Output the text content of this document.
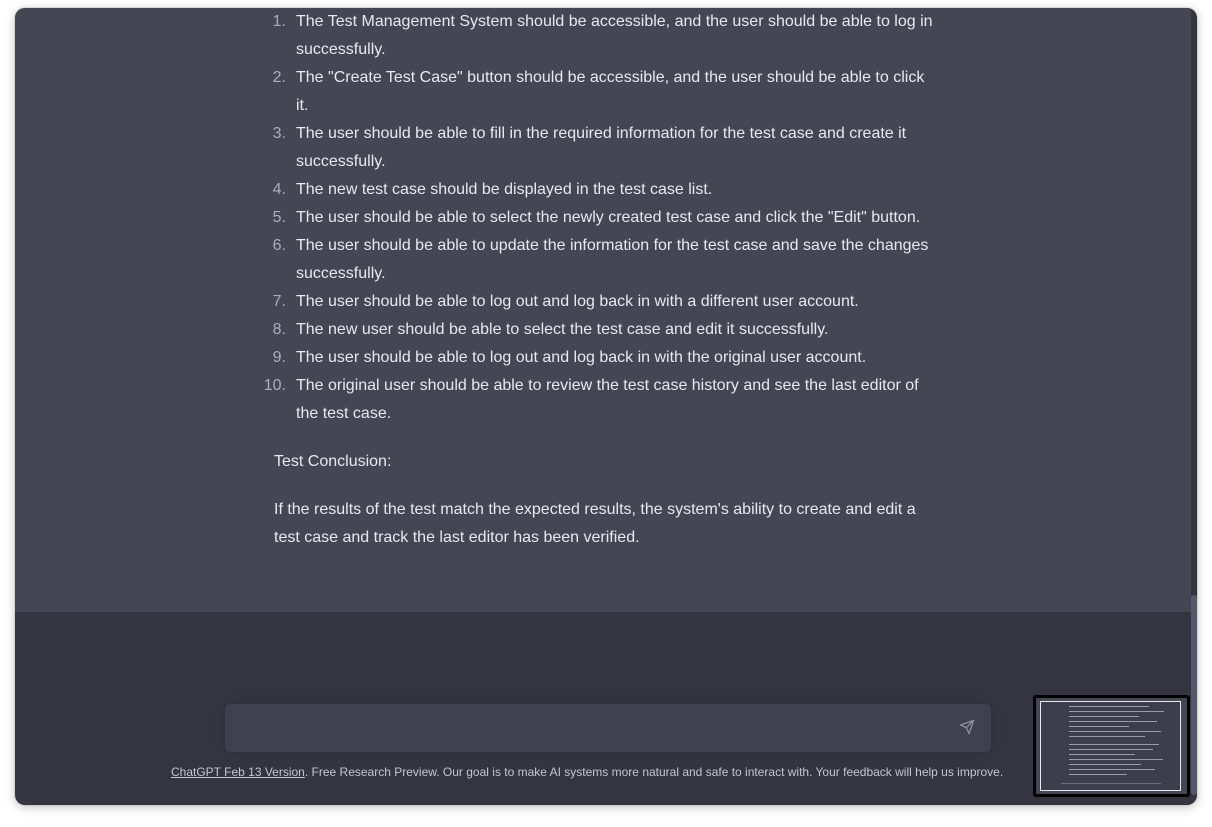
1. The Test Management System should be accessible, and the user should be able to log in successfully.
2. The "Create Test Case" button should be accessible, and the user should be able to click it.
3. The user should be able to fill in the required information for the test case and create it successfully.
4. The new test case should be displayed in the test case list.
5. The user should be able to select the newly created test case and click the "Edit" button.
6. The user should be able to update the information for the test case and save the changes successfully.
7. The user should be able to log out and log back in with a different user account.
8. The new user should be able to select the test case and edit it successfully.
9. The user should be able to log out and log back in with the original user account.
10. The original user should be able to review the test case history and see the last editor of the test case.

Test Conclusion:

If the results of the test match the expected results, the system's ability to create and edit a test case and track the last editor has been verified.

ChatGPT Feb 13 Version. Free Research Preview. Our goal is to make AI systems more natural and safe to interact with. Your feedback will help us improve.
